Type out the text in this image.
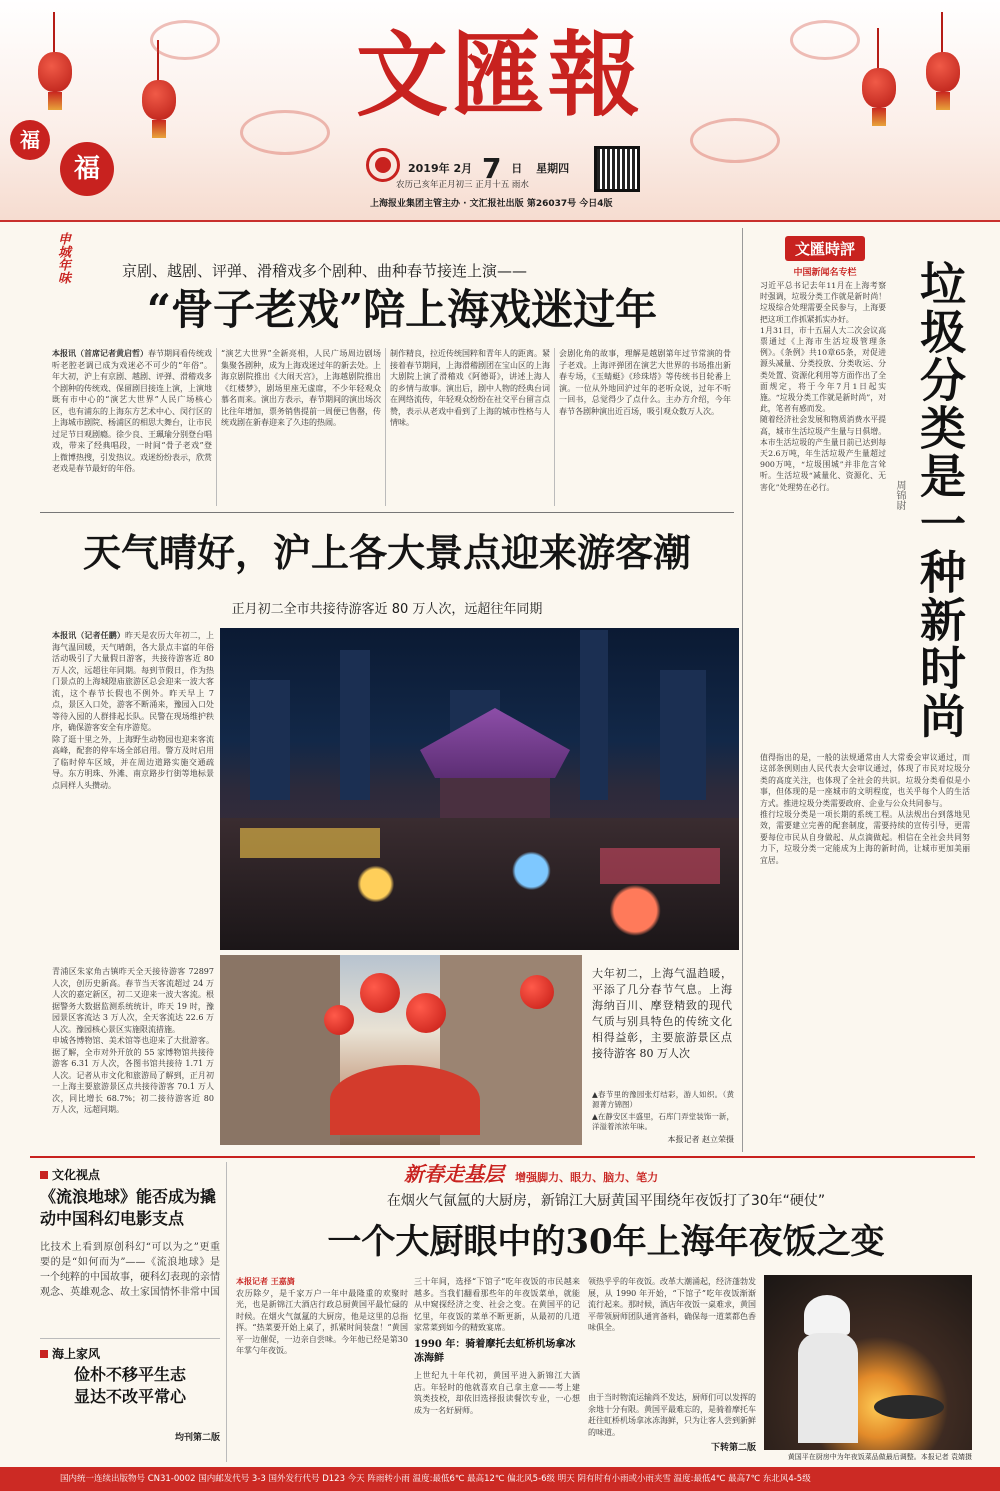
福
福
文匯報
2019年 2月 7 日 星期四
农历己亥年正月初三 正月十五 雨水
上海报业集团主管主办 · 文汇报社出版 第26037号 今日4版
申城年味	京剧、越剧、评弹、滑稽戏多个剧种、曲种春节接连上演——
“骨子老戏”陪上海戏迷过年
本报讯（首席记者黄启哲）春节期间看传统戏听老腔老调已成为戏迷必不可少的“年俗”。年大初，沪上有京剧、越剧、评弹、滑稽戏多个剧种的传统戏、保留剧目接连上演，上演地既有市中心的“演艺大世界”人民广场核心区，也有浦东的上海东方艺术中心、闵行区的上海城市剧院、杨浦区的相思大舞台，让市民过足节日观剧瘾。徐少良、王珮瑜分别登台唱戏，带来了经典唱段，一时间“骨子老戏”登上微博热搜，引发热议。戏迷纷纷表示，欣赏老戏是春节最好的年俗。
“演艺大世界”全新亮相，人民广场周边剧场集聚各剧种，成为上海戏迷过年的新去处。上海京剧院推出《大闹天宫》，上海越剧院推出《红楼梦》，剧场里座无虚席，不少年轻观众慕名而来。演出方表示，春节期间的演出场次比往年增加，票务销售提前一周便已售罄，传统戏剧在新春迎来了久违的热闹。
制作精良，拉近传统国粹和青年人的距离。紧接着春节期间，上海滑稽剧团在宝山区的上海大剧院上演了滑稽戏《阿德哥》，讲述上海人的乡情与故事。演出后，剧中人物的经典台词在网络流传，年轻观众纷纷在社交平台留言点赞，表示从老戏中看到了上海的城市性格与人情味。
会剧化角的故事，理解是越剧第年过节常演的骨子老戏。上海评弹团在演艺大世界的书场推出新春专场，《玉蜻蜓》《珍珠塔》等传统书目轮番上演。一位从外地回沪过年的老听众说，过年不听一回书，总觉得少了点什么。主办方介绍，今年春节各剧种演出近百场，吸引观众数万人次。
天气晴好，沪上各大景点迎来游客潮
正月初二全市共接待游客近 80 万人次，远超往年同期
本报讯（记者任鹏）昨天是农历大年初二，上海气温回暖，天气晴朗，各大景点丰富的年俗活动吸引了大量假日游客，共接待游客近 80 万人次，远超往年同期。每到节假日，作为热门景点的上海城隍庙旅游区总会迎来一波大客流，这个春节长假也不例外。昨天早上 7 点，景区入口处，游客不断涌来，豫园入口处等待入园的人群排起长队。民警在现场维护秩序，确保游客安全有序游览。
除了逛十里之外，上海野生动物园也迎来客流高峰，配套的停车场全部启用。警方及时启用了临时停车区域，并在周边道路实施交通疏导。东方明珠、外滩、南京路步行街等地标景点同样人头攒动。
青浦区朱家角古镇昨天全天接待游客 72897 人次，创历史新高。春节当天客流超过 24 万人次的嘉定新区，初二又迎来一波大客流。根据警务大数据监测系统统计，昨天 19 时，豫园景区客流达 3 万人次，全天客流达 22.6 万人次。豫园核心景区实施限流措施。
申城各博物馆、美术馆等也迎来了大批游客。据了解，全市对外开放的 55 家博物馆共接待游客 6.31 万人次，各图书馆共接待 1.71 万人次。记者从市文化和旅游局了解到，正月初一上海主要旅游景区点共接待游客 70.1 万人次，同比增长 68.7%；初二接待游客近 80 万人次，远超同期。
大年初二，上海气温趋暖，平添了几分春节气息。上海海纳百川、摩登精致的现代气质与别具特色的传统文化相得益彰，主要旅游景区点接待游客 80 万人次
▲春节里的豫园张灯结彩，游人如织。（黄源菁方锦图）
▲在静安区丰盛里，石库门弄堂装饰一新，洋溢着浓浓年味。
本报记者 赵立荣摄
文匯時評
中国新闻名专栏	垃圾分类是一种新时尚
周锦尉
习近平总书记去年11月在上海考察时强调，垃圾分类工作就是新时尚！垃圾综合处理需要全民参与，上海要把这项工作抓紧抓实办好。
1月31日，市十五届人大二次会议高票通过《上海市生活垃圾管理条例》。《条例》共10章65条，对促进源头减量、分类投放、分类收运、分类处置、资源化利用等方面作出了全面规定，将于今年7月1日起实施。“垃圾分类工作就是新时尚”，对此，笔者有感而发。
随着经济社会发展和物质消费水平提高，城市生活垃圾产生量与日俱增。本市生活垃圾的产生量日前已达到每天2.6万吨，年生活垃圾产生量超过900万吨，“垃圾围城”并非危言耸听。生活垃圾“减量化、资源化、无害化”处理势在必行。
值得指出的是，一般的法规通常由人大常委会审议通过，而这部条例则由人民代表大会审议通过，体现了市民对垃圾分类的高度关注，也体现了全社会的共识。垃圾分类看似是小事，但体现的是一座城市的文明程度，也关乎每个人的生活方式。推进垃圾分类需要政府、企业与公众共同参与。
推行垃圾分类是一项长期的系统工程。从法规出台到落地见效，需要建立完善的配套制度，需要持续的宣传引导，更需要每位市民从自身做起、从点滴做起。相信在全社会共同努力下，垃圾分类一定能成为上海的新时尚，让城市更加美丽宜居。
文化视点
《流浪地球》能否成为撬动中国科幻电影支点
比技术上看到原创科幻“可以为之”更重要的是“如何而为”——《流浪地球》是一个纯粹的中国故事，硬科幻表现的亲情观念、英雄观念、故土家国情怀非常中国
海上家风
俭朴不移平生志
显达不改平常心
均刊第二版
新春走基层 增强脚力、眼力、脑力、笔力
在烟火气氤氲的大厨房，新锦江大厨黄国平围绕年夜饭打了30年“硬仗”
一个大厨眼中的30年上海年夜饭之变
本报记者 王嘉旖
农历除夕，是千家万户一年中最隆重的欢聚时光，也是新锦江大酒店行政总厨黄国平最忙碌的时候。在烟火气氤氲的大厨房，他是这里的总指挥。“热菜要开始上桌了，抓紧时间装盘！”黄国平一边催促，一边亲自尝味。今年他已经是第30年掌勺年夜饭。
三十年间，选择“下馆子”吃年夜饭的市民越来越多。当我们翻看那些年的年夜饭菜单，就能从中窥探经济之变、社会之变。在黄国平的记忆里，年夜饭的菜单不断更新，从最初的几道家常菜到如今的精致宴席。
1990 年：骑着摩托去虹桥机场拿冰冻海鲜
上世纪九十年代初，黄国平进入新锦江大酒店。年轻时的他就喜欢自己拿主意——考上建筑类技校，却依旧选择报读餐饮专业，一心想成为一名好厨师。
领热乎乎的年夜饭。改革大潮涌起，经济蓬勃发展，从 1990 年开始，“下馆子”吃年夜饭渐渐流行起来。那时候，酒店年夜饭一桌难求，黄国平带领厨师团队通宵备料，确保每一道菜都色香味俱全。
由于当时物流运输尚不发达，厨师们可以发挥的余地十分有限。黄国平最难忘的，是骑着摩托车赶往虹桥机场拿冰冻海鲜，只为让客人尝到新鲜的味道。
下转第二版
黄国平在厨房中为年夜饭菜品做最后调整。本报记者 袁婧摄
国内统一连续出版物号 CN31-0002 国内邮发代号 3-3 国外发行代号 D123 今天 阵雨转小雨 温度:最低6℃ 最高12℃ 偏北风5-6级 明天 阴有时有小雨或小雨夹雪 温度:最低4℃ 最高7℃ 东北风4-5级
